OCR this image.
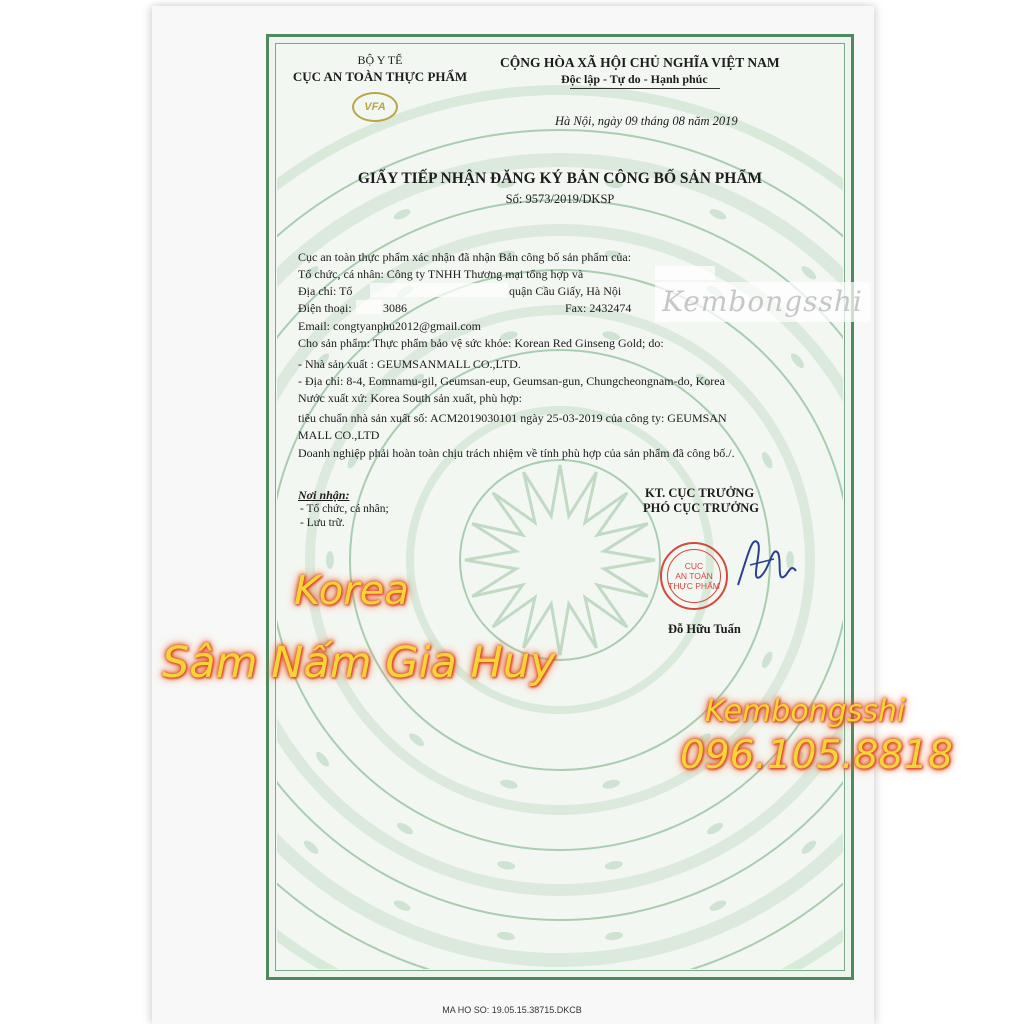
BỘ Y TẾ
CỤC AN TOÀN THỰC PHẨM
VFA
CỘNG HÒA XÃ HỘI CHỦ NGHĨA VIỆT NAM
Độc lập - Tự do - Hạnh phúc
Hà Nội, ngày 09 tháng 08 năm 2019
GIẤY TIẾP NHẬN ĐĂNG KÝ BẢN CÔNG BỐ SẢN PHẨM
Số: 9573/2019/DKSP
Cục an toàn thực phẩm xác nhận đã nhận Bản công bố sản phẩm của:
Tổ chức, cá nhân: Công ty TNHH Thương mại tổng hợp và
Địa chỉ: Tổ	quận Cầu Giấy, Hà Nội
Điện thoại:	3086	Fax: 2432474
Email: congtyanphu2012@gmail.com
Cho sản phẩm: Thực phẩm bảo vệ sức khỏe: Korean Red Ginseng Gold; do:
- Nhà sản xuất : GEUMSANMALL CO.,LTD.
- Địa chỉ: 8-4, Eomnamu-gil, Geumsan-eup, Geumsan-gun, Chungcheongnam-do, Korea
Nước xuất xứ: Korea South sản xuất, phù hợp:
tiêu chuẩn nhà sản xuất số: ACM2019030101 ngày 25-03-2019 của công ty: GEUMSAN
MALL CO.,LTD
Doanh nghiệp phải hoàn toàn chịu trách nhiệm về tính phù hợp của sản phẩm đã công bố./.
Kembongsshi
Nơi nhận:
- Tổ chức, cá nhân;
- Lưu trữ.
KT. CỤC TRƯỞNG
PHÓ CỤC TRƯỞNG
CỤC
AN TOÀN
THỰC PHẨM
Đỗ Hữu Tuấn
Korea
Sâm Nấm Gia Huy
Kembongsshi
096.105.8818
MA HO SO: 19.05.15.38715.DKCB
